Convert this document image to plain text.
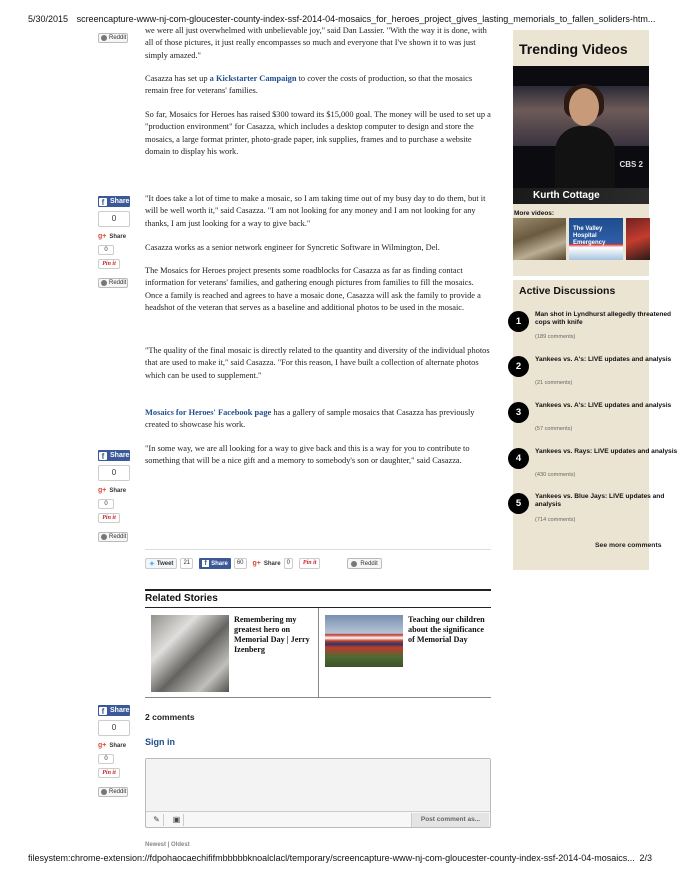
5/30/2015 screencapture-www-nj-com-gloucester-county-index-ssf-2014-04-mosaics_for_heroes_project_gives_lasting_memorials_to_fallen_soliders-htm...
Reddit

we were all just overwhelmed with unbelievable joy," said Dan Lassier. "With the way it is done, with all of those pictures, it just really encompasses so much and everyone that I've shown it to was just simply amazed."

Casazza has set up a Kickstarter Campaign to cover the costs of production, so that the mosaics remain free for veterans' families.

So far, Mosaics for Heroes has raised $300 toward its $15,000 goal. The money will be used to set up a "production environment" for Casazza, which includes a desktop computer to design and store the mosaics, a large format printer, photo-grade paper, ink supplies, frames and to purchase a website domain to display his work.

"It does take a lot of time to make a mosaic, so I am taking time out of my busy day to do them, but it will be well worth it," said Casazza. "I am not looking for any money and I am not looking for any thanks, I am just looking for a way to give back."

Casazza works as a senior network engineer for Syncretic Software in Wilmington, Del.

The Mosaics for Heroes project presents some roadblocks for Casazza as far as finding contact information for veterans' families, and gathering enough pictures from families to fill the mosaics. Once a family is reached and agrees to have a mosaic done, Casazza will ask the family to provide a headshot of the veteran that serves as a baseline and additional photos to be used in the mosaic.

"The quality of the final mosaic is directly related to the quantity and diversity of the individual photos that are used to make it," said Casazza. "For this reason, I have built a collection of alternate photos which can be used to supplement."

Mosaics for Heroes' Facebook page has a gallery of sample mosaics that Casazza has previously created to showcase his work.

"In some way, we are all looking for a way to give back and this is a way for you to contribute to something that will be a nice gift and a memory to somebody's son or daughter," said Casazza.

f Share
0
g+ Share
0
Pin it
Reddit
f Share
0
g+ Share
0
Pin it
Reddit
f Share
0
g+ Share
0
Pin it
Reddit
✦ Tweet	21	f Share	60	g+ Share	0	Pin it	Reddit
Related Stories
Remembering my greatest hero on Memorial Day | Jerry Izenberg
Teaching our children about the significance of Memorial Day
2 comments
Sign in
✎	▣	Post comment as...
Newest | Oldest
Trending Videos
CBS 2
Kurth Cottage
More videos:
The Valley Hospital
Emergency
Active Discussions
1
Man shot in Lyndhurst allegedly threatened cops with knife
(189 comments)
2
Yankees vs. A's: LIVE updates and analysis
(21 comments)
3
Yankees vs. A's: LIVE updates and analysis
(57 comments)
4
Yankees vs. Rays: LIVE updates and analysis
(430 comments)
5
Yankees vs. Blue Jays: LIVE updates and analysis
(714 comments)
See more comments
filesystem:chrome-extension://fdpohaocaechififmbbbbbknoalclacl/temporary/screencapture-www-nj-com-gloucester-county-index-ssf-2014-04-mosaics... 2/3
